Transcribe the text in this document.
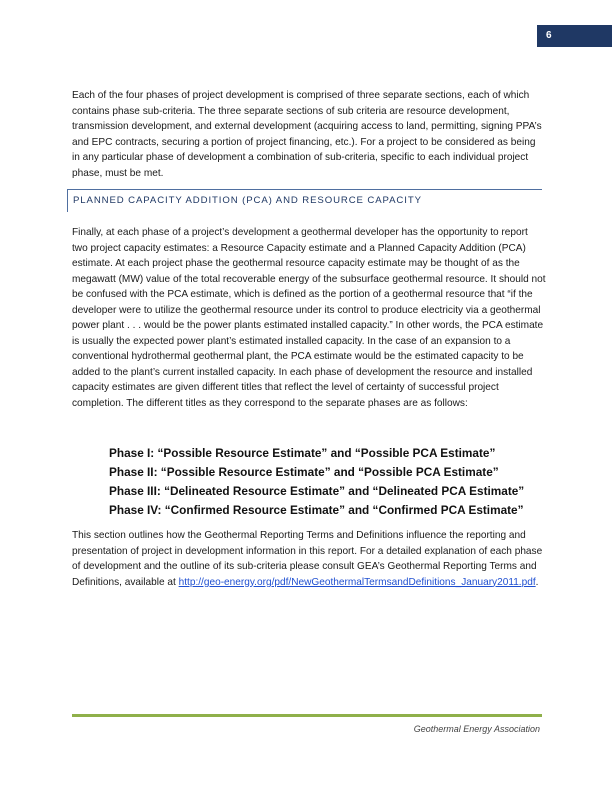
6

Each of the four phases of project development is comprised of three separate sections, each of which contains phase sub-criteria. The three separate sections of sub criteria are resource development, transmission development, and external development (acquiring access to land, permitting, signing PPA’s and EPC contracts, securing a portion of project financing, etc.). For a project to be considered as being in any particular phase of development a combination of sub-criteria, specific to each individual project phase, must be met.

PLANNED CAPACITY ADDITION (PCA) AND RESOURCE CAPACITY

Finally, at each phase of a project’s development a geothermal developer has the opportunity to report two project capacity estimates: a Resource Capacity estimate and a Planned Capacity Addition (PCA) estimate. At each project phase the geothermal resource capacity estimate may be thought of as the megawatt (MW) value of the total recoverable energy of the subsurface geothermal resource. It should not be confused with the PCA estimate, which is defined as the portion of a geothermal resource that “if the developer were to utilize the geothermal resource under its control to produce electricity via a geothermal power plant . . . would be the power plants estimated installed capacity.” In other words, the PCA estimate is usually the expected power plant’s estimated installed capacity. In the case of an expansion to a conventional hydrothermal geothermal plant, the PCA estimate would be the estimated capacity to be added to the plant’s current installed capacity. In each phase of development the resource and installed capacity estimates are given different titles that reflect the level of certainty of successful project completion. The different titles as they correspond to the separate phases are as follows:

Phase I: “Possible Resource Estimate” and “Possible PCA Estimate”
Phase II: “Possible Resource Estimate” and “Possible PCA Estimate”
Phase III: “Delineated Resource Estimate” and “Delineated PCA Estimate”
Phase IV: “Confirmed Resource Estimate” and “Confirmed PCA Estimate”

This section outlines how the Geothermal Reporting Terms and Definitions influence the reporting and presentation of project in development information in this report. For a detailed explanation of each phase of development and the outline of its sub-criteria please consult GEA’s Geothermal Reporting Terms and Definitions, available at http://geo-energy.org/pdf/NewGeothermalTermsandDefinitions_January2011.pdf.

Geothermal Energy Association
